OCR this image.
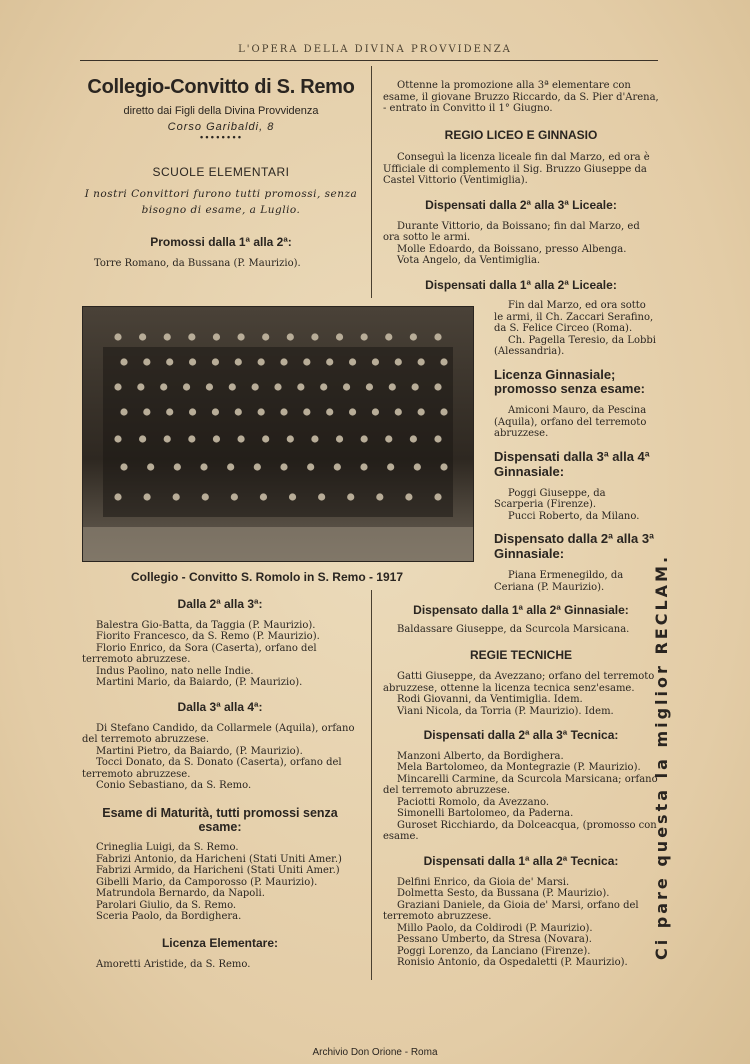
L'OPERA DELLA DIVINA PROVVIDENZA
Collegio-Convitto di S. Remo
diretto dai Figli della Divina Provvidenza
Corso Garibaldi, 8
∙∙∙∙∙∙∙∙
SCUOLE ELEMENTARI
I nostri Convittori furono tutti promossi, senza bisogno di esame, a Luglio.
Promossi dalla 1ª alla 2ª:

Torre Romano, da Bussana (P. Maurizio).

Ottenne la promozione alla 3ª elementare con esame, il giovane Bruzzo Riccardo, da S. Pier d'Arena, - entrato in Convitto il 1° Giugno.

REGIO LICEO E GINNASIO

Conseguì la licenza liceale fin dal Marzo, ed ora è Ufficiale di complemento il Sig. Bruzzo Giuseppe da Castel Vittorio (Ventimiglia).

Dispensati dalla 2ª alla 3ª Liceale:

Durante Vittorio, da Boissano; fin dal Marzo, ed ora sotto le armi.

Molle Edoardo, da Boissano, presso Albenga.

Vota Angelo, da Ventimiglia.

Dispensati dalla 1ª alla 2ª Liceale:

Fin dal Marzo, ed ora sotto le armi, il Ch. Zaccari Serafino, da S. Felice Circeo (Roma).

Ch. Pagella Teresio, da Lobbi (Alessandria).

Licenza Ginnasiale; promosso senza esame:

Amiconi Mauro, da Pescina (Aquila), orfano del terremoto abruzzese.

Dispensati dalla 3ª alla 4ª Ginnasiale:

Poggi Giuseppe, da Scarperia (Firenze).

Pucci Roberto, da Milano.

Dispensato dalla 2ª alla 3ª Ginnasiale:

Piana Ermenegildo, da Ceriana (P. Maurizio).

Collegio - Convitto S. Romolo in S. Remo - 1917
Dalla 2ª alla 3ª:

Balestra Gio-Batta, da Taggia (P. Maurizio).

Fiorito Francesco, da S. Remo (P. Maurizio).

Florio Enrico, da Sora (Caserta), orfano del terremoto abruzzese.

Indus Paolino, nato nelle Indie.

Martini Mario, da Baiardo, (P. Maurizio).

Dalla 3ª alla 4ª:

Di Stefano Candido, da Collarmele (Aquila), orfano del terremoto abruzzese.

Martini Pietro, da Baiardo, (P. Maurizio).

Tocci Donato, da S. Donato (Caserta), orfano del terremoto abruzzese.

Conio Sebastiano, da S. Remo.

Esame di Maturità, tutti promossi senza esame:

Crineglia Luigi, da S. Remo.

Fabrizi Antonio, da Haricheni (Stati Uniti Amer.)

Fabrizi Armido, da Haricheni (Stati Uniti Amer.)

Gibelli Mario, da Camporosso (P. Maurizio).

Matrundola Bernardo, da Napoli.

Parolari Giulio, da S. Remo.

Sceria Paolo, da Bordighera.

Licenza Elementare:

Amoretti Aristide, da S. Remo.

Dispensato dalla 1ª alla 2ª Ginnasiale:

Baldassare Giuseppe, da Scurcola Marsicana.

REGIE TECNICHE

Gatti Giuseppe, da Avezzano; orfano del terremoto abruzzese, ottenne la licenza tecnica senz'esame.

Rodi Giovanni, da Ventimiglia. Idem.

Viani Nicola, da Torria (P. Maurizio). Idem.

Dispensati dalla 2ª alla 3ª Tecnica:

Manzoni Alberto, da Bordighera.

Mela Bartolomeo, da Montegrazie (P. Maurizio).

Mincarelli Carmine, da Scurcola Marsicana; orfano del terremoto abruzzese.

Paciotti Romolo, da Avezzano.

Simonelli Bartolomeo, da Paderna.

Guroset Ricchiardo, da Dolceacqua, (promosso con esame.

Dispensati dalla 1ª alla 2ª Tecnica:

Delfini Enrico, da Gioia de' Marsi.

Dolmetta Sesto, da Bussana (P. Maurizio).

Graziani Daniele, da Gioia de' Marsi, orfano del terremoto abruzzese.

Millo Paolo, da Coldirodi (P. Maurizio).

Pessano Umberto, da Stresa (Novara).

Poggi Lorenzo, da Lanciano (Firenze).

Ronisio Antonio, da Ospedaletti (P. Maurizio).

Ci pare questa la miglior RECLAM.
Archivio Don Orione - Roma
